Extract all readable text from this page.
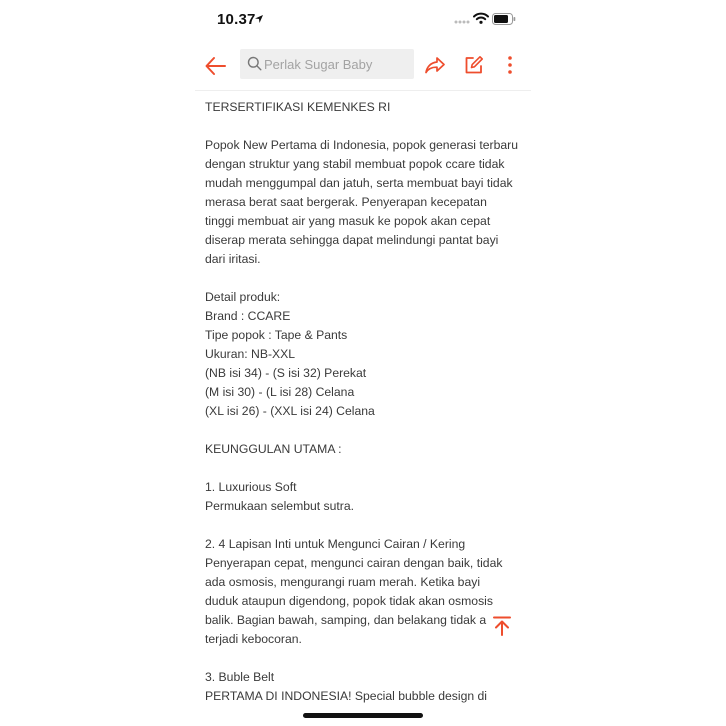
10.37
Perlak Sugar Baby

TERSERTIFIKASI KEMENKES RI

Popok New Pertama di Indonesia, popok generasi terbaru

dengan struktur yang stabil membuat popok ccare tidak

mudah menggumpal dan jatuh, serta membuat bayi tidak

merasa berat saat bergerak. Penyerapan kecepatan

tinggi membuat air yang masuk ke popok akan cepat

diserap merata sehingga dapat melindungi pantat bayi

dari iritasi.

Detail produk:

Brand : CCARE

Tipe popok : Tape & Pants

Ukuran: NB-XXL

(NB isi 34) - (S isi 32) Perekat

(M isi 30) - (L isi 28) Celana

(XL isi 26) - (XXL isi 24) Celana

KEUNGGULAN UTAMA :

1. Luxurious Soft

Permukaan selembut sutra.

2. 4 Lapisan Inti untuk Mengunci Cairan / Kering

Penyerapan cepat, mengunci cairan dengan baik, tidak

ada osmosis, mengurangi ruam merah. Ketika bayi

duduk ataupun digendong, popok tidak akan osmosis

balik. Bagian bawah, samping, dan belakang tidak a

terjadi kebocoran.

3. Buble Belt

PERTAMA DI INDONESIA! Special bubble design di
